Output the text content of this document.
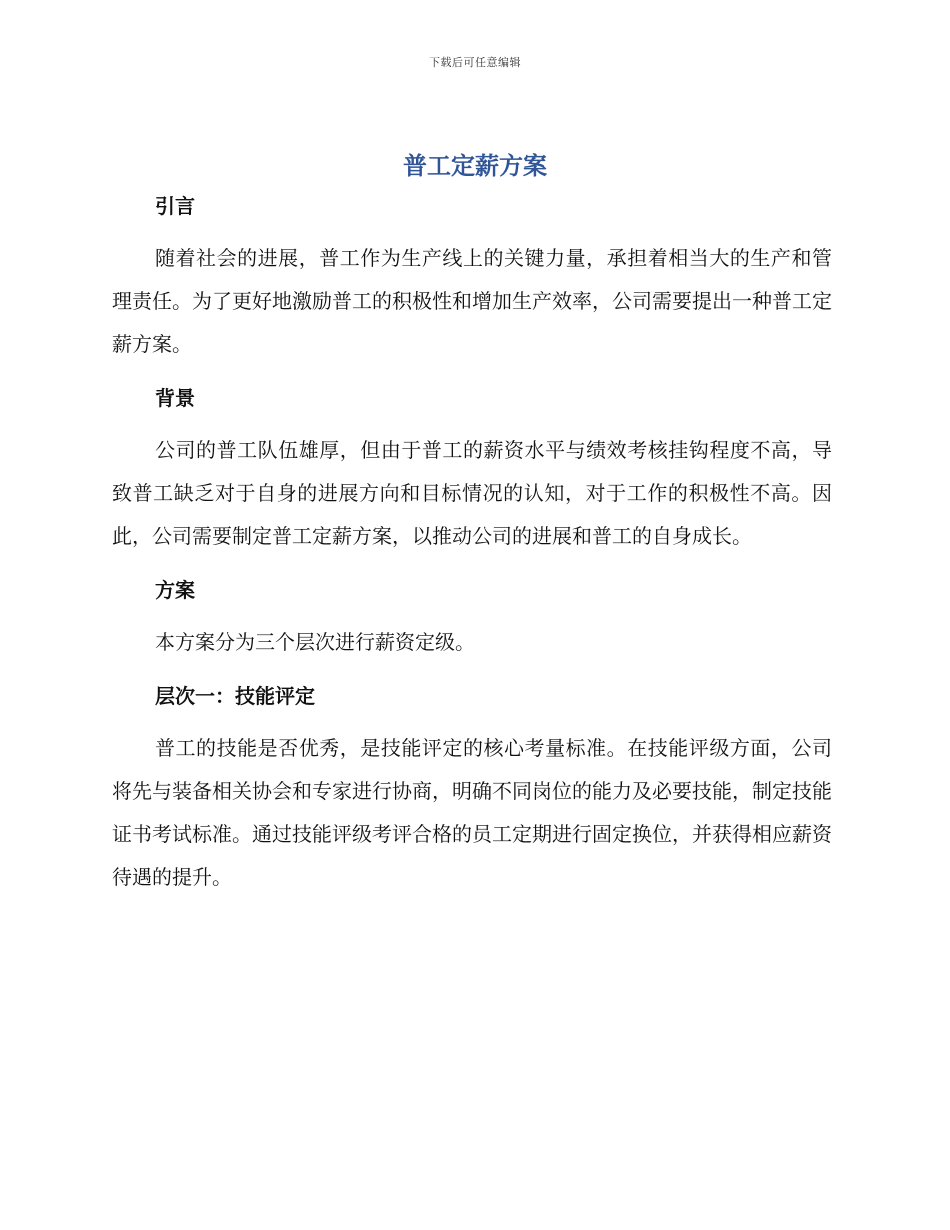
下载后可任意编辑
普工定薪方案
引言

随着社会的进展，普工作为生产线上的关键力量，承担着相当大的生产和管理责任。为了更好地激励普工的积极性和增加生产效率，公司需要提出一种普工定薪方案。

背景

公司的普工队伍雄厚，但由于普工的薪资水平与绩效考核挂钩程度不高，导致普工缺乏对于自身的进展方向和目标情况的认知，对于工作的积极性不高。因此，公司需要制定普工定薪方案，以推动公司的进展和普工的自身成长。

方案

本方案分为三个层次进行薪资定级。

层次一：技能评定

普工的技能是否优秀，是技能评定的核心考量标准。在技能评级方面，公司将先与装备相关协会和专家进行协商，明确不同岗位的能力及必要技能，制定技能证书考试标准。通过技能评级考评合格的员工定期进行固定换位，并获得相应薪资待遇的提升。
